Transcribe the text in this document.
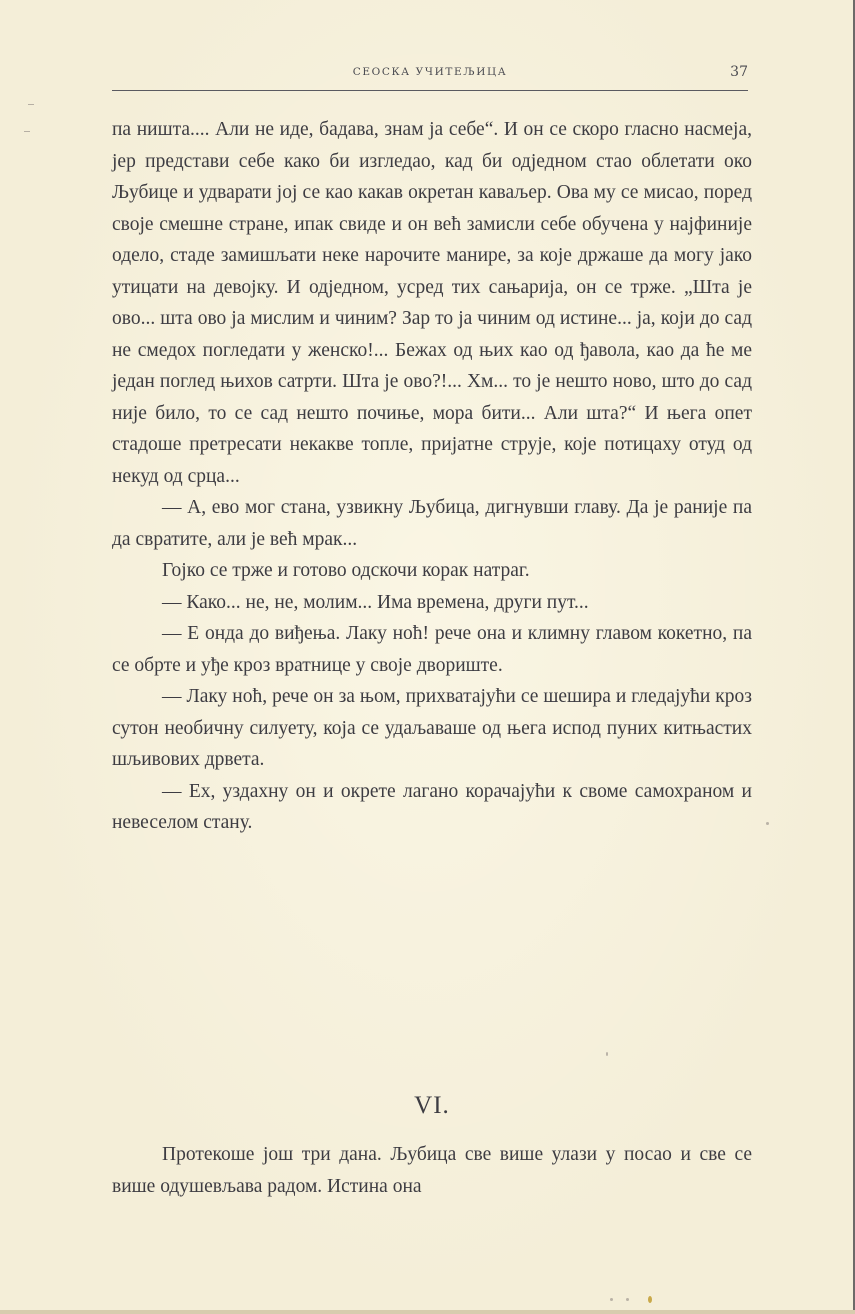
СЕОСКА УЧИТЕЉИЦА	37

па ништа.... Али не иде, бадава, знам ја себе“. И он се скоро гласно насмеја, јер представи себе како би изгледао, кад би одједном стао облетати око Љубице и удварати јој се као какав окретан каваљер. Ова му се мисао, поред своје смешне стране, ипак свиде и он већ замисли себе обучена у најфиније одело, стаде замишљати неке нарочите манире, за које држаше да могу јако утицати на девојку. И одједном, усред тих сањарија, он се трже. „Шта је ово... шта ово ја мислим и чиним? Зар то ја чиним од истине... ја, који до сад не смедох погледати у женско!... Бежах од њих као од ђавола, као да ће ме један поглед њихов сатрти. Шта је ово?!... Хм... то је нешто ново, што до сад није било, то се сад нешто почиње, мора бити... Али шта?“ И њега опет стадоше претресати некакве топле, пријатне струје, које потицаху отуд од некуд од срца...

— А, ево мог стана, узвикну Љубица, дигнувши главу. Да је раније па да свратите, али је већ мрак...

Гојко се трже и готово одскочи корак натраг.

— Како... не, не, молим... Има времена, други пут...

— Е онда до виђења. Лаку ноћ! рече она и климну главом кокетно, па се обрте и уђе кроз вратнице у своје двориште.

— Лаку ноћ, рече он за њом, прихватајући се шешира и гледајући кроз сутон необичну силуету, која се удаљаваше од њега испод пуних китњастих шљивових дрвета.

— Ех, уздахну он и окрете лагано корачајући к своме самохраном и невеселом стану.

VI.

Протекоше још три дана. Љубица све више улази у посао и све се више одушевљава радом. Истина она
